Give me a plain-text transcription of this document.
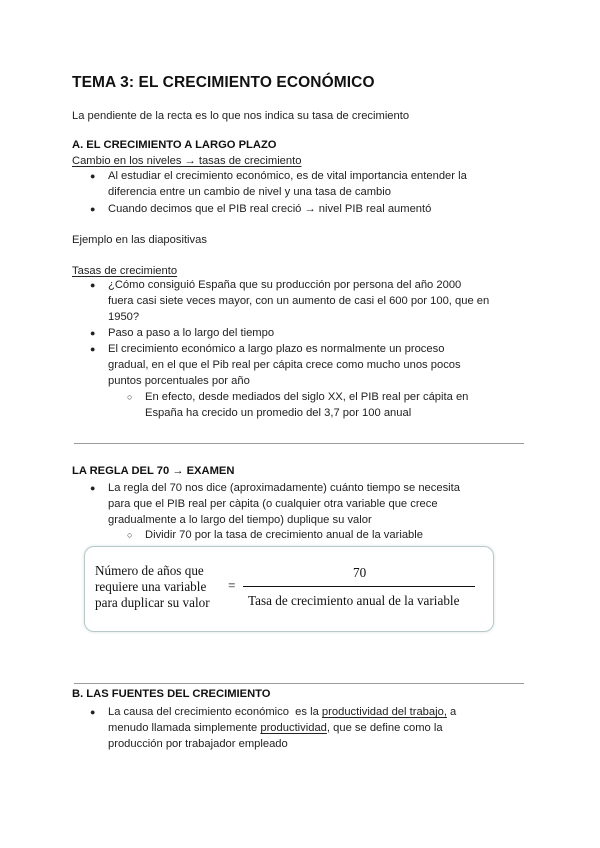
TEMA 3: EL CRECIMIENTO ECONÓMICO
La pendiente de la recta es lo que nos indica su tasa de crecimiento
A. EL CRECIMIENTO A LARGO PLAZO
Cambio en los niveles → tasas de crecimiento
● Al estudiar el crecimiento económico, es de vital importancia entender la
diferencia entre un cambio de nivel y una tasa de cambio
● Cuando decimos que el PIB real creció → nivel PIB real aumentó
Ejemplo en las diapositivas
Tasas de crecimiento
● ¿Cómo consiguió España que su producción por persona del año 2000
fuera casi siete veces mayor, con un aumento de casi el 600 por 100, que en
1950?
● Paso a paso a lo largo del tiempo
● El crecimiento económico a largo plazo es normalmente un proceso
gradual, en el que el Pib real per cápita crece como mucho unos pocos
puntos porcentuales por año
○ En efecto, desde mediados del siglo XX, el PIB real per cápita en
España ha crecido un promedio del 3,7 por 100 anual
LA REGLA DEL 70 → EXAMEN
● La regla del 70 nos dice (aproximadamente) cuánto tiempo se necesita
para que el PIB real per càpita (o cualquier otra variable que crece
gradualmente a lo largo del tiempo) duplique su valor
○ Dividir 70 por la tasa de crecimiento anual de la variable
Número de años que
requiere una variable
para duplicar su valor
=
70
Tasa de crecimiento anual de la variable
B. LAS FUENTES DEL CRECIMIENTO
● La causa del crecimiento económico  es la productividad del trabajo, a
menudo llamada simplemente productividad, que se define como la
producción por trabajador empleado
